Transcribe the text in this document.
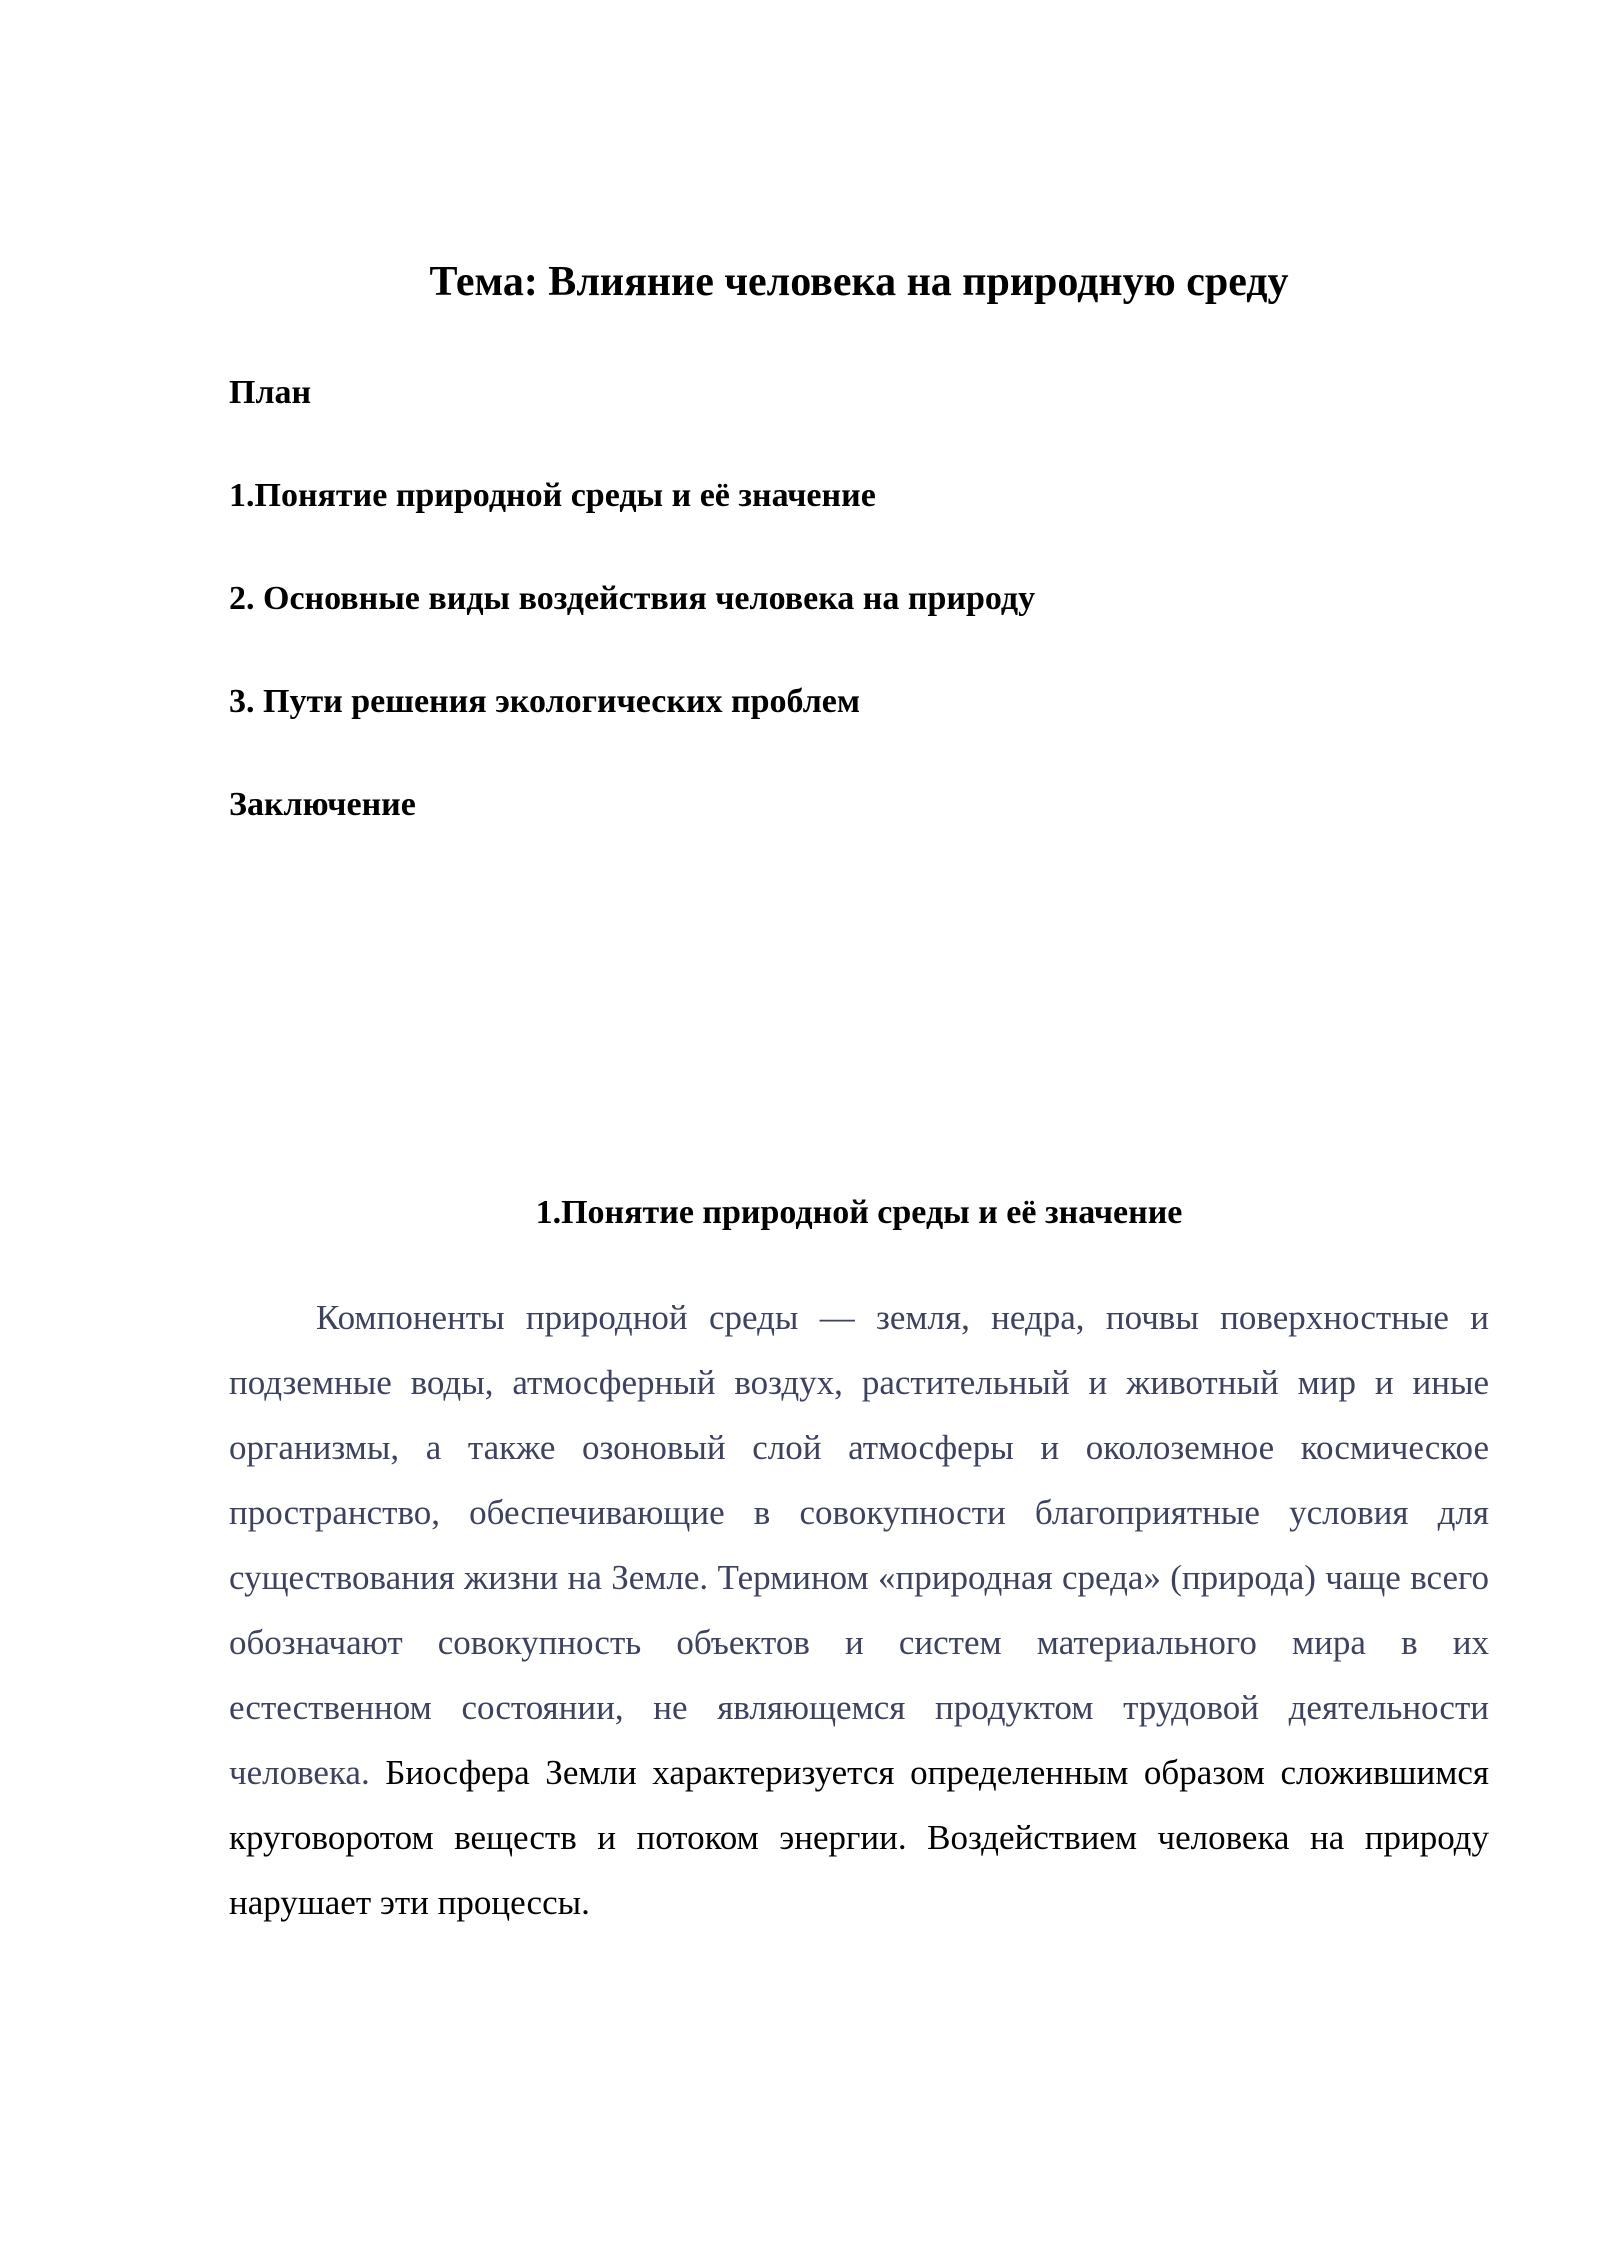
Тема: Влияние человека на природную среду

План

1.Понятие природной среды и её значение

2. Основные виды воздействия человека на природу

3. Пути решения экологических проблем

Заключение

1.Понятие природной среды и её значение

Компоненты природной среды — земля, недра, почвы поверхностные и подземные воды, атмосферный воздух, растительный и животный мир и иные организмы, а также озоновый слой атмосферы и околоземное космическое пространство, обеспечивающие в совокупности благоприятные условия для существования жизни на Земле. Термином «природная среда» (природа) чаще всего обозначают совокупность объектов и систем материального мира в их естественном состоянии, не являющемся продуктом трудовой деятельности человека. Биосфера Земли характеризуется определенным образом сложившимся круговоротом веществ и потоком энергии. Воздействием человека на природу нарушает эти процессы.
